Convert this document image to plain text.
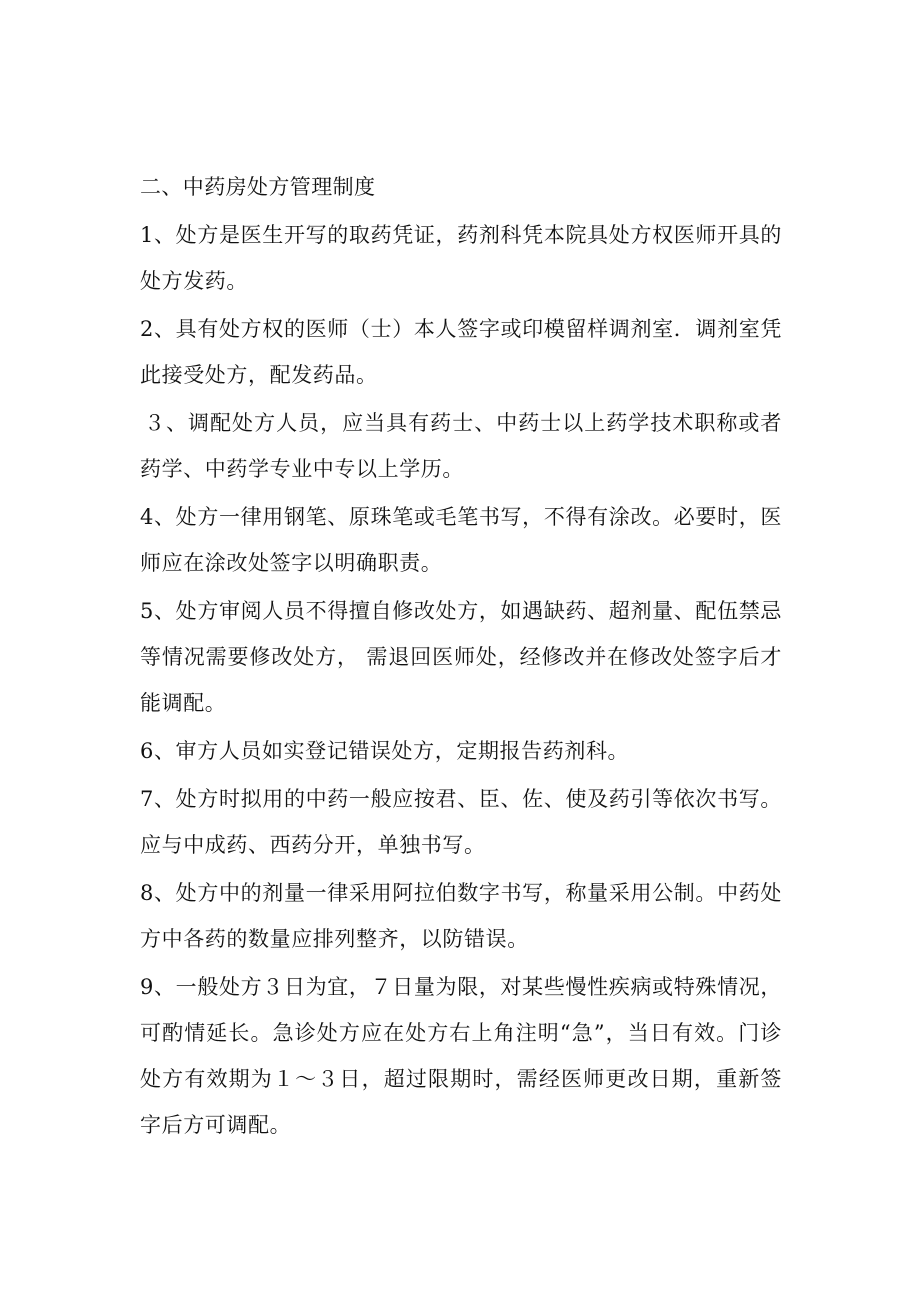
二、中药房处方管理制度

1、处方是医生开写的取药凭证，药剂科凭本院具处方权医师开具的处方发药。

2、具有处方权的医师（士）本人签字或印模留样调剂室．调剂室凭此接受处方，配发药品。

３、调配处方人员，应当具有药士、中药士以上药学技术职称或者药学、中药学专业中专以上学历。

4、处方一律用钢笔、原珠笔或毛笔书写，不得有涂改。必要时，医师应在涂改处签字以明确职责。

5、处方审阅人员不得擅自修改处方，如遇缺药、超剂量、配伍禁忌等情况需要修改处方， 需退回医师处，经修改并在修改处签字后才能调配。

6、审方人员如实登记错误处方，定期报告药剂科。

7、处方时拟用的中药一般应按君、臣、佐、使及药引等依次书写。应与中成药、西药分开，单独书写。

8、处方中的剂量一律采用阿拉伯数字书写，称量采用公制。中药处方中各药的数量应排列整齐，以防错误。

9、一般处方３日为宜，７日量为限，对某些慢性疾病或特殊情况，可酌情延长。急诊处方应在处方右上角注明“急”，当日有效。门诊处方有效期为１～３日，超过限期时，需经医师更改日期，重新签字后方可调配。
